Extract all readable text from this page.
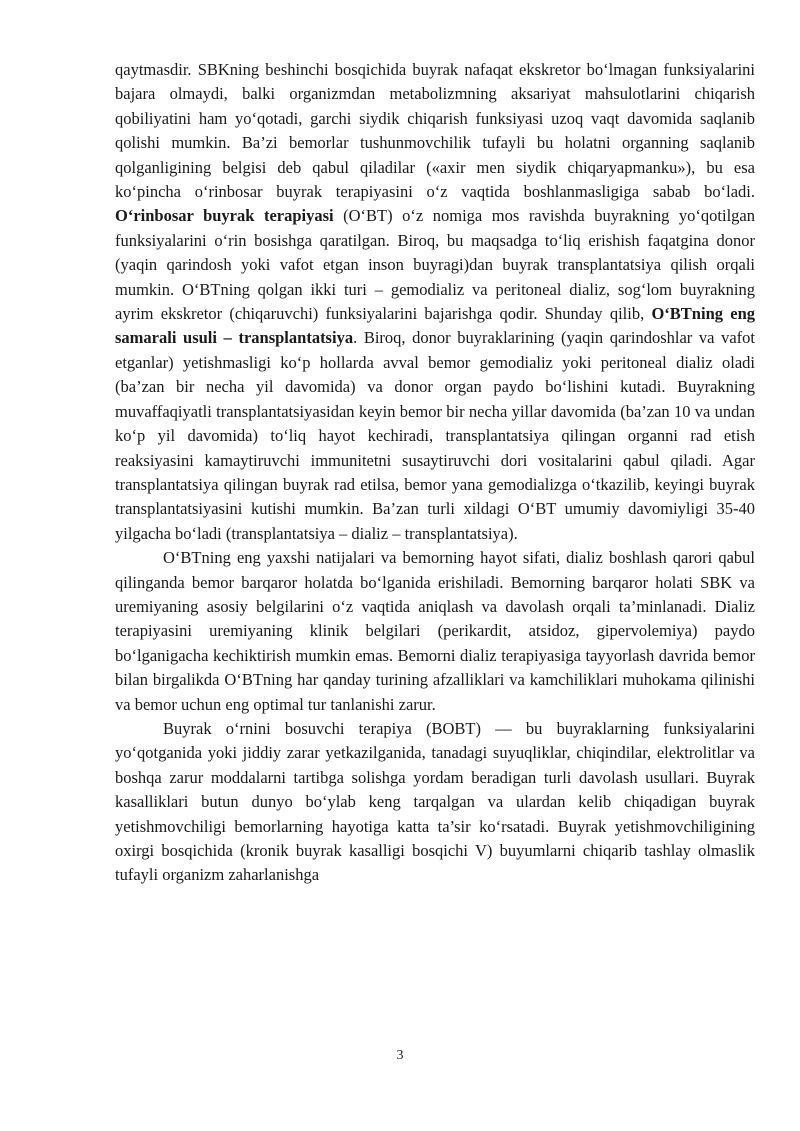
qaytmasdir. SBKning beshinchi bosqichida buyrak nafaqat ekskretor bo‘lmagan funksiyalarini bajara olmaydi, balki organizmdan metabolizmning aksariyat mahsulotlarini chiqarish qobiliyatini ham yo‘qotadi, garchi siydik chiqarish funksiyasi uzoq vaqt davomida saqlanib qolishi mumkin. Ba’zi bemorlar tushunmovchilik tufayli bu holatni organning saqlanib qolganligining belgisi deb qabul qiladilar («axir men siydik chiqaryapmanku»), bu esa ko‘pincha o‘rinbosar buyrak terapiyasini o‘z vaqtida boshlanmasligiga sabab bo‘ladi. O‘rinbosar buyrak terapiyasi (O‘BT) o‘z nomiga mos ravishda buyrakning yo‘qotilgan funksiyalarini o‘rin bosishga qaratilgan. Biroq, bu maqsadga to‘liq erishish faqatgina donor (yaqin qarindosh yoki vafot etgan inson buyragi)dan buyrak transplantatsiya qilish orqali mumkin. O‘BTning qolgan ikki turi – gemodializ va peritoneal dializ, sog‘lom buyrakning ayrim ekskretor (chiqaruvchi) funksiyalarini bajarishga qodir. Shunday qilib, O‘BTning eng samarali usuli – transplantatsiya. Biroq, donor buyraklarining (yaqin qarindoshlar va vafot etganlar) yetishmasligi ko‘p hollarda avval bemor gemodializ yoki peritoneal dializ oladi (ba’zan bir necha yil davomida) va donor organ paydo bo‘lishini kutadi. Buyrakning muvaffaqiyatli transplantatsiyasidan keyin bemor bir necha yillar davomida (ba’zan 10 va undan ko‘p yil davomida) to‘liq hayot kechiradi, transplantatsiya qilingan organni rad etish reaksiyasini kamaytiruvchi immunitetni susaytiruvchi dori vositalarini qabul qiladi. Agar transplantatsiya qilingan buyrak rad etilsa, bemor yana gemodializga o‘tkazilib, keyingi buyrak transplantatsiyasini kutishi mumkin. Ba’zan turli xildagi O‘BT umumiy davomiyligi 35-40 yilgacha bo‘ladi (transplantatsiya – dializ – transplantatsiya).

O‘BTning eng yaxshi natijalari va bemorning hayot sifati, dializ boshlash qarori qabul qilinganda bemor barqaror holatda bo‘lganida erishiladi. Bemorning barqaror holati SBK va uremiyaning asosiy belgilarini o‘z vaqtida aniqlash va davolash orqali ta’minlanadi. Dializ terapiyasini uremiyaning klinik belgilari (perikardit, atsidoz, gipervolemiya) paydo bo‘lganigacha kechiktirish mumkin emas. Bemorni dializ terapiyasiga tayyorlash davrida bemor bilan birgalikda O‘BTning har qanday turining afzalliklari va kamchiliklari muhokama qilinishi va bemor uchun eng optimal tur tanlanishi zarur.

Buyrak o‘rnini bosuvchi terapiya (BOBT) — bu buyraklarning funksiyalarini yo‘qotganida yoki jiddiy zarar yetkazilganida, tanadagi suyuqliklar, chiqindilar, elektrolitlar va boshqa zarur moddalarni tartibga solishga yordam beradigan turli davolash usullari. Buyrak kasalliklari butun dunyo bo‘ylab keng tarqalgan va ulardan kelib chiqadigan buyrak yetishmovchiligi bemorlarning hayotiga katta ta’sir ko‘rsatadi. Buyrak yetishmovchiligining oxirgi bosqichida (kronik buyrak kasalligi bosqichi V) buyumlarni chiqarib tashlay olmaslik tufayli organizm zaharlanishga

3
